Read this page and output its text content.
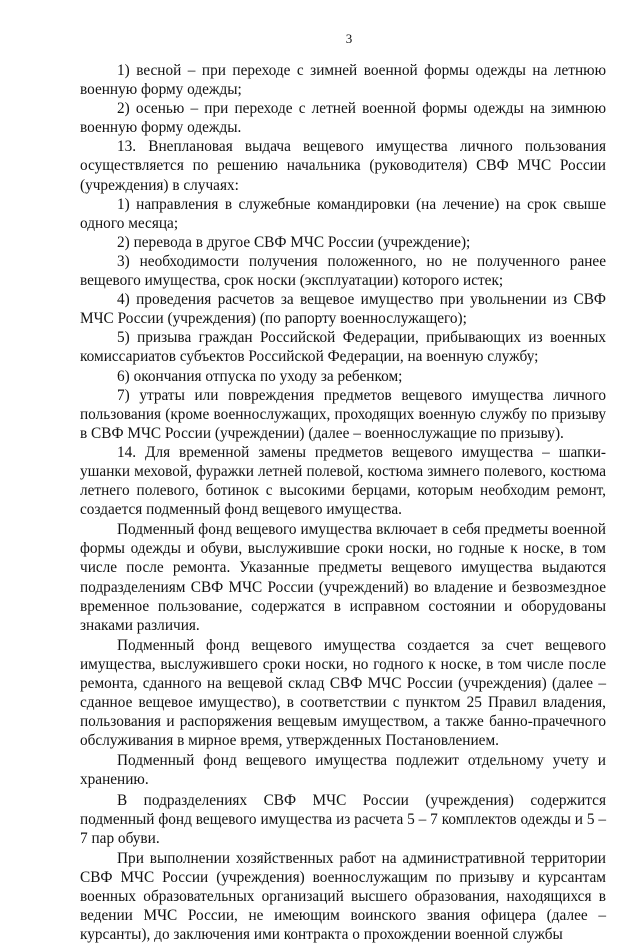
3

1) весной – при переходе с зимней военной формы одежды на летнюю военную форму одежды;

2) осенью – при переходе с летней военной формы одежды на зимнюю военную форму одежды.

13. Внеплановая выдача вещевого имущества личного пользования осуществляется по решению начальника (руководителя) СВФ МЧС России (учреждения) в случаях:

1) направления в служебные командировки (на лечение) на срок свыше одного месяца;

2) перевода в другое СВФ МЧС России (учреждение);

3) необходимости получения положенного, но не полученного ранее вещевого имущества, срок носки (эксплуатации) которого истек;

4) проведения расчетов за вещевое имущество при увольнении из СВФ МЧС России (учреждения) (по рапорту военнослужащего);

5) призыва граждан Российской Федерации, прибывающих из военных комиссариатов субъектов Российской Федерации, на военную службу;

6) окончания отпуска по уходу за ребенком;

7) утраты или повреждения предметов вещевого имущества личного пользования (кроме военнослужащих, проходящих военную службу по призыву в СВФ МЧС России (учреждении) (далее – военнослужащие по призыву).

14. Для временной замены предметов вещевого имущества – шапки-ушанки меховой, фуражки летней полевой, костюма зимнего полевого, костюма летнего полевого, ботинок с высокими берцами, которым необходим ремонт, создается подменный фонд вещевого имущества.

Подменный фонд вещевого имущества включает в себя предметы военной формы одежды и обуви, выслужившие сроки носки, но годные к носке, в том числе после ремонта. Указанные предметы вещевого имущества выдаются подразделениям СВФ МЧС России (учреждений) во владение и безвозмездное временное пользование, содержатся в исправном состоянии и оборудованы знаками различия.

Подменный фонд вещевого имущества создается за счет вещевого имущества, выслужившего сроки носки, но годного к носке, в том числе после ремонта, сданного на вещевой склад СВФ МЧС России (учреждения) (далее – сданное вещевое имущество), в соответствии с пунктом 25 Правил владения, пользования и распоряжения вещевым имуществом, а также банно-прачечного обслуживания в мирное время, утвержденных Постановлением.

Подменный фонд вещевого имущества подлежит отдельному учету и хранению.

В подразделениях СВФ МЧС России (учреждения) содержится подменный фонд вещевого имущества из расчета 5 – 7 комплектов одежды и 5 – 7 пар обуви.

При выполнении хозяйственных работ на административной территории СВФ МЧС России (учреждения) военнослужащим по призыву и курсантам военных образовательных организаций высшего образования, находящихся в ведении МЧС России, не имеющим воинского звания офицера (далее – курсанты), до заключения ими контракта о прохождении военной службы
